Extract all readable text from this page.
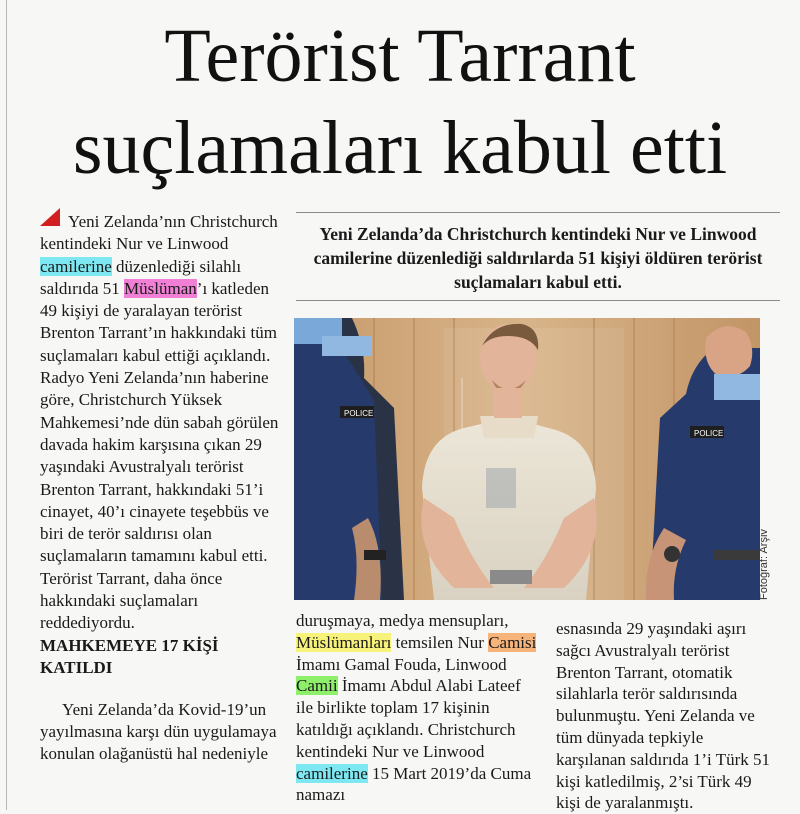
Terörist Tarrant
suçlamaları kabul etti

Yeni Zelanda’nın Christchurch kentindeki Nur ve Linwood camilerine düzenlediği silahlı saldırıda 51 Müslüman’ı katleden 49 kişiyi de yaralayan terörist Brenton Tarrant’ın hakkındaki tüm suçlamaları kabul ettiği açıklandı. Radyo Yeni Zelanda’nın haberine göre, Christchurch Yüksek Mahkemesi’nde dün sabah görülen davada hakim karşısına çıkan 29 yaşındaki Avustralyalı terörist Brenton Tarrant, hakkındaki 51’i cinayet, 40’ı cinayete teşebbüs ve biri de terör saldırısı olan suçlamaların tamamını kabul etti. Terörist Tarrant, daha önce hakkındaki suçlamaları reddediyordu.

MAHKEMEYE 17 KİŞİ KATILDI

Yeni Zelanda’da Kovid-19’un yayılmasına karşı dün uygulamaya konulan olağanüstü hal nedeniyle

Yeni Zelanda’da Christchurch kentindeki Nur ve Linwood camilerine düzenlediği saldırılarda 51 kişiyi öldüren terörist suçlamaları kabul etti.

POLICE
POLICE
Fotoğraf: Arşiv

duruşmaya, medya mensupları, Müslümanları temsilen Nur Camisi İmamı Gamal Fouda, Linwood Camii İmamı Abdul Alabi Lateef ile birlikte toplam 17 kişinin katıldığı açıklandı. Christchurch kentindeki Nur ve Linwood camilerine 15 Mart 2019’da Cuma namazı

esnasında 29 yaşındaki aşırı sağcı Avustralyalı terörist Brenton Tarrant, otomatik silahlarla terör saldırısında bulunmuştu. Yeni Zelanda ve tüm dünyada tepkiyle karşılanan saldırıda 1’i Türk 51 kişi katledilmiş, 2’si Türk 49 kişi de yaralanmıştı.
